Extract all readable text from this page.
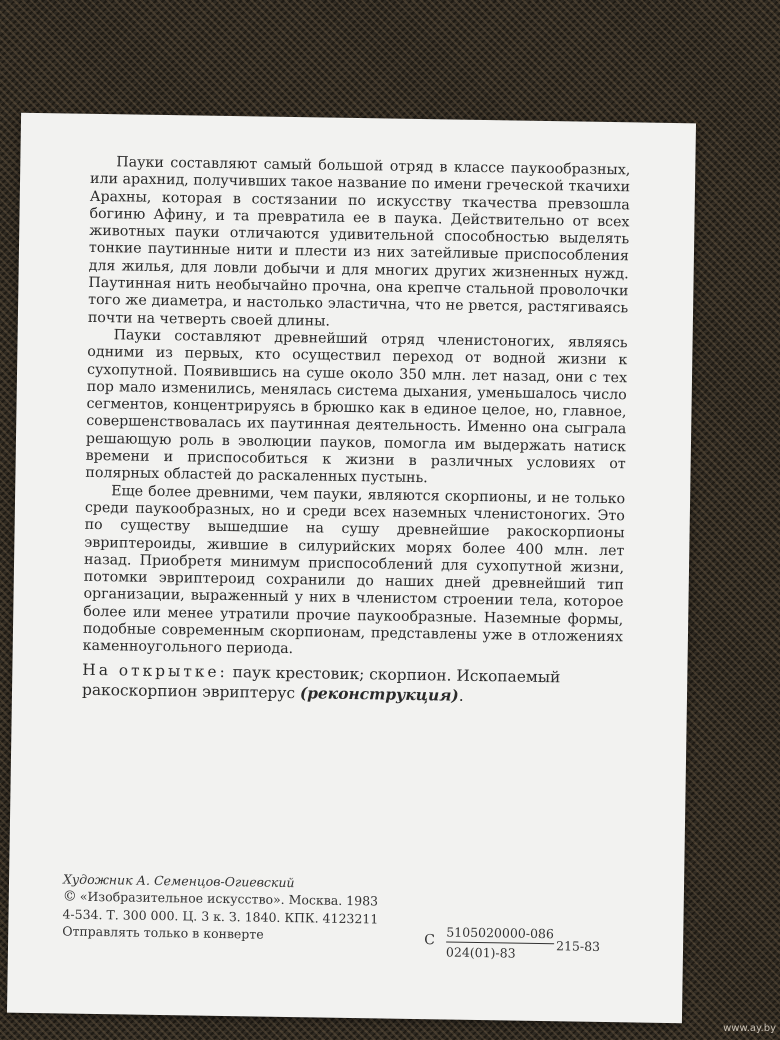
Пауки составляют самый большой отряд в классе паукообразных, или арахнид, получивших такое название по имени греческой ткачихи Арахны, которая в состязании по искусству ткачества превзошла богиню Афину, и та превратила ее в паука. Действительно от всех животных пауки отличаются удивительной способностью выделять тонкие паутинные нити и плести из них затейливые приспособления для жилья, для ловли добычи и для многих других жизненных нужд. Паутинная нить необычайно прочна, она крепче стальной проволочки того же диаметра, и настолько эластична, что не рвется, растягиваясь почти на четверть своей длины.

Пауки составляют древнейший отряд членистоногих, являясь одними из первых, кто осуществил переход от водной жизни к сухопутной. Появившись на суше около 350 млн. лет назад, они с тех пор мало изменились, менялась система дыхания, уменьшалось число сегментов, концентрируясь в брюшко как в единое целое, но, главное, совершенствовалась их паутинная деятельность. Именно она сыграла решающую роль в эволюции пауков, помогла им выдержать натиск времени и приспособиться к жизни в различных условиях от полярных областей до раскаленных пустынь.

Еще более древними, чем пауки, являются скорпионы, и не только среди паукообразных, но и среди всех наземных членистоногих. Это по существу вышедшие на сушу древнейшие ракоскорпионы эвриптероиды, жившие в силурийских морях более 400 млн. лет назад. Приобретя минимум приспособлений для сухопутной жизни, потомки эвриптероид сохранили до наших дней древнейший тип организации, выраженный у них в членистом строении тела, которое более или менее утратили прочие паукообразные. Наземные формы, подобные современным скорпионам, представлены уже в отложениях каменноугольного периода.

На открытке: паук крестовик; скорпион. Ископаемый ракоскорпион эвриптерус (реконструкция).
Художник А. Семенцов-Огиевский
© «Изобразительное искусство». Москва. 1983
4-534. Т. 300 000. Ц. 3 к. З. 1840. КПК. 4123211
Отправлять только в конверте	С 5105020000-086
024(01)-83	215-83
www.ay.by
